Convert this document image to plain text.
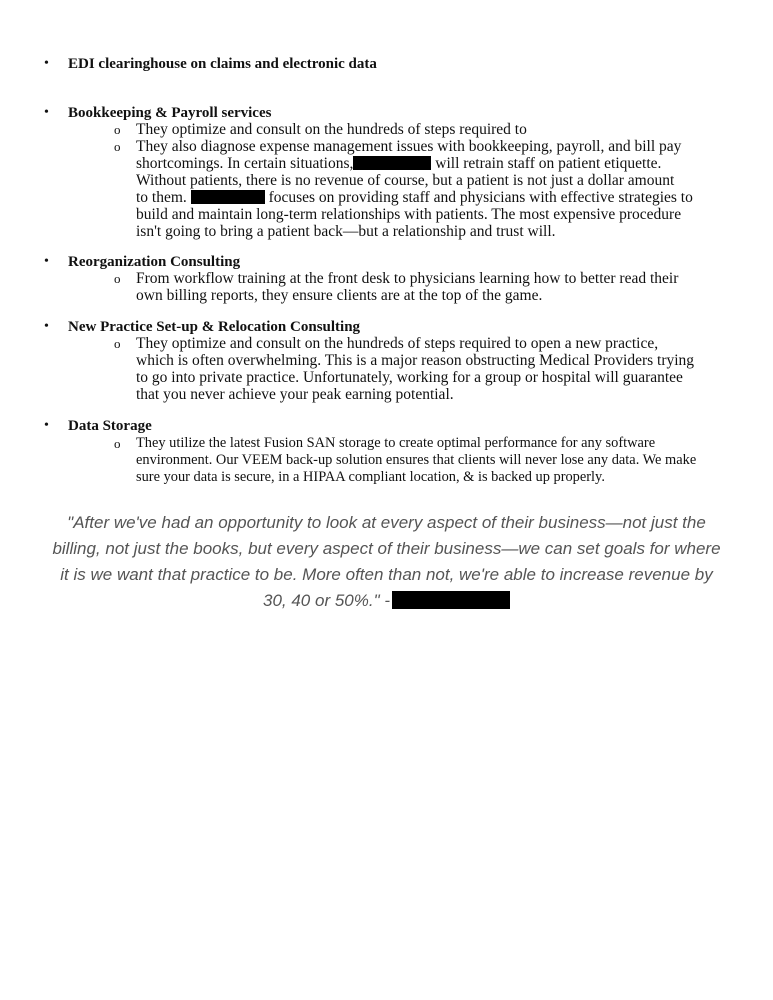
• EDI clearinghouse on claims and electronic data
• Bookkeeping & Payroll services
o They optimize and consult on the hundreds of steps required to
o They also diagnose expense management issues with bookkeeping, payroll, and bill pay
shortcomings. In certain situations,	will retrain staff on patient etiquette.
Without patients, there is no revenue of course, but a patient is not just a dollar amount
to them.	focuses on providing staff and physicians with effective strategies to
build and maintain long-term relationships with patients. The most expensive procedure
isn't going to bring a patient back—but a relationship and trust will.
• Reorganization Consulting
o From workflow training at the front desk to physicians learning how to better read their
own billing reports, they ensure clients are at the top of the game.
• New Practice Set-up & Relocation Consulting
o They optimize and consult on the hundreds of steps required to open a new practice,
which is often overwhelming. This is a major reason obstructing Medical Providers trying
to go into private practice. Unfortunately, working for a group or hospital will guarantee
that you never achieve your peak earning potential.
• Data Storage
o They utilize the latest Fusion SAN storage to create optimal performance for any software
environment. Our VEEM back-up solution ensures that clients will never lose any data. We make
sure your data is secure, in a HIPAA compliant location, & is backed up properly.
"After we've had an opportunity to look at every aspect of their business—not just the
billing, not just the books, but every aspect of their business—we can set goals for where
it is we want that practice to be. More often than not, we're able to increase revenue by
30, 40 or 50%." -
